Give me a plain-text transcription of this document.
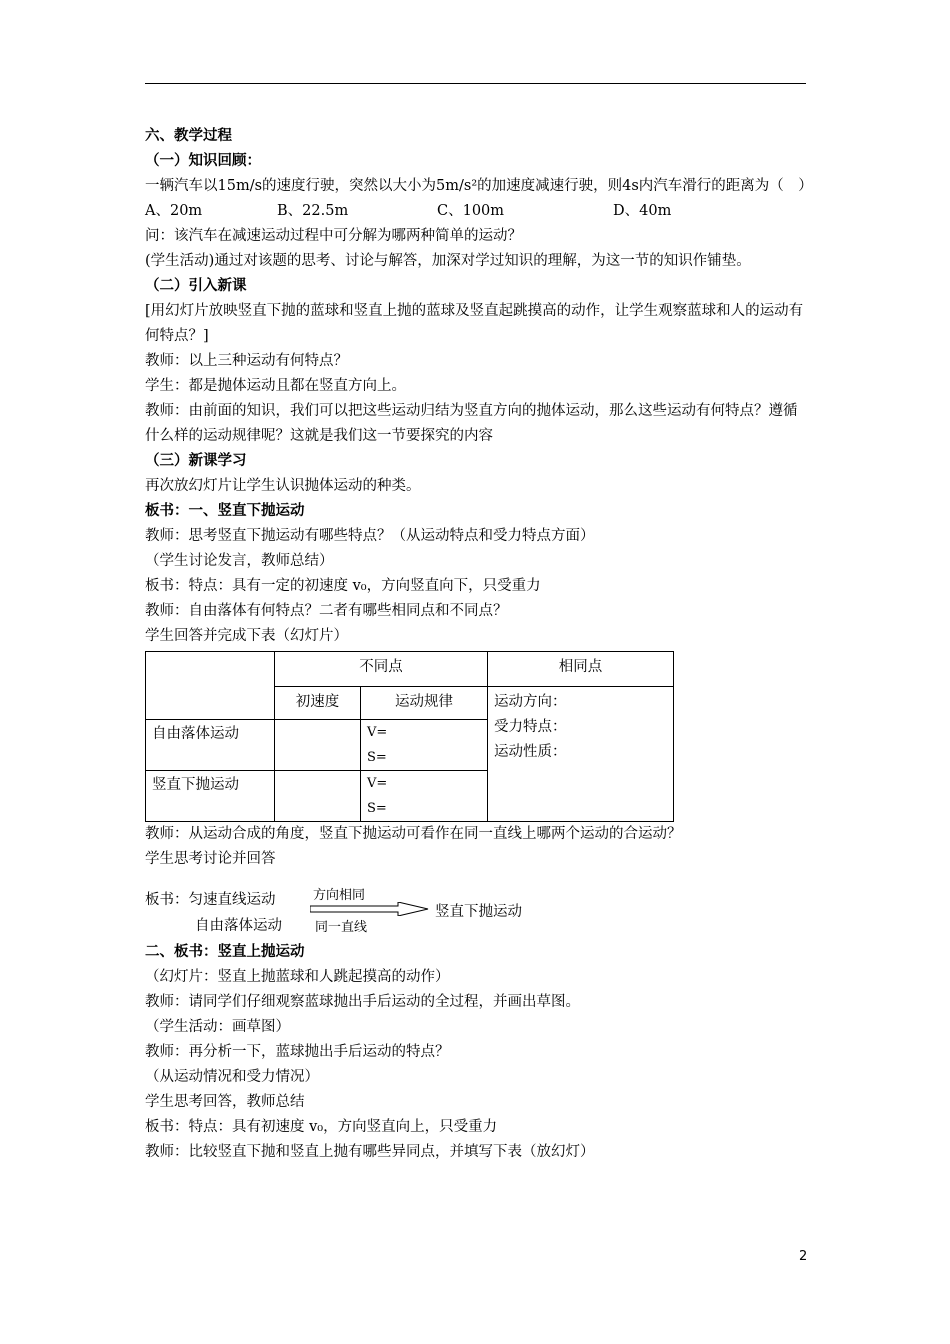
六、教学过程
（一）知识回顾：
一辆汽车以15m/s的速度行驶，突然以大小为5m/s²的加速度减速行驶，则4s内汽车滑行的距离为（　）
A、20m	B、22.5m	C、100m	D、40m
问：该汽车在减速运动过程中可分解为哪两种简单的运动？
(学生活动)通过对该题的思考、讨论与解答，加深对学过知识的理解，为这一节的知识作铺垫。
（二）引入新课
[用幻灯片放映竖直下抛的蓝球和竖直上抛的蓝球及竖直起跳摸高的动作，让学生观察蓝球和人的运动有何特点？]
教师：以上三种运动有何特点？
学生：都是抛体运动且都在竖直方向上。
教师：由前面的知识，我们可以把这些运动归结为竖直方向的抛体运动，那么这些运动有何特点？遵循什么样的运动规律呢？这就是我们这一节要探究的内容
（三）新课学习
再次放幻灯片让学生认识抛体运动的种类。
板书：一、竖直下抛运动
教师：思考竖直下抛运动有哪些特点？（从运动特点和受力特点方面）
（学生讨论发言，教师总结）
板书：特点：具有一定的初速度 v₀，方向竖直向下，只受重力
教师：自由落体有何特点？二者有哪些相同点和不同点？
学生回答并完成下表（幻灯片）
	不同点		相同点
	初速度	运动规律	运动方向：
受力特点：
运动性质：

自由落体运动		V=
S=	

竖直下抛运动		V=
S=	
教师：从运动合成的角度，竖直下抛运动可看作在同一直线上哪两个运动的合运动？
学生思考讨论并回答
板书：匀速直线运动
自由落体运动
方向相同
同一直线
竖直下抛运动
二、板书：竖直上抛运动
（幻灯片：竖直上抛蓝球和人跳起摸高的动作）
教师：请同学们仔细观察蓝球抛出手后运动的全过程，并画出草图。
（学生活动：画草图）
教师：再分析一下，蓝球抛出手后运动的特点？
（从运动情况和受力情况）
学生思考回答，教师总结
板书：特点：具有初速度 v₀，方向竖直向上，只受重力
教师：比较竖直下抛和竖直上抛有哪些异同点，并填写下表（放幻灯）
2
